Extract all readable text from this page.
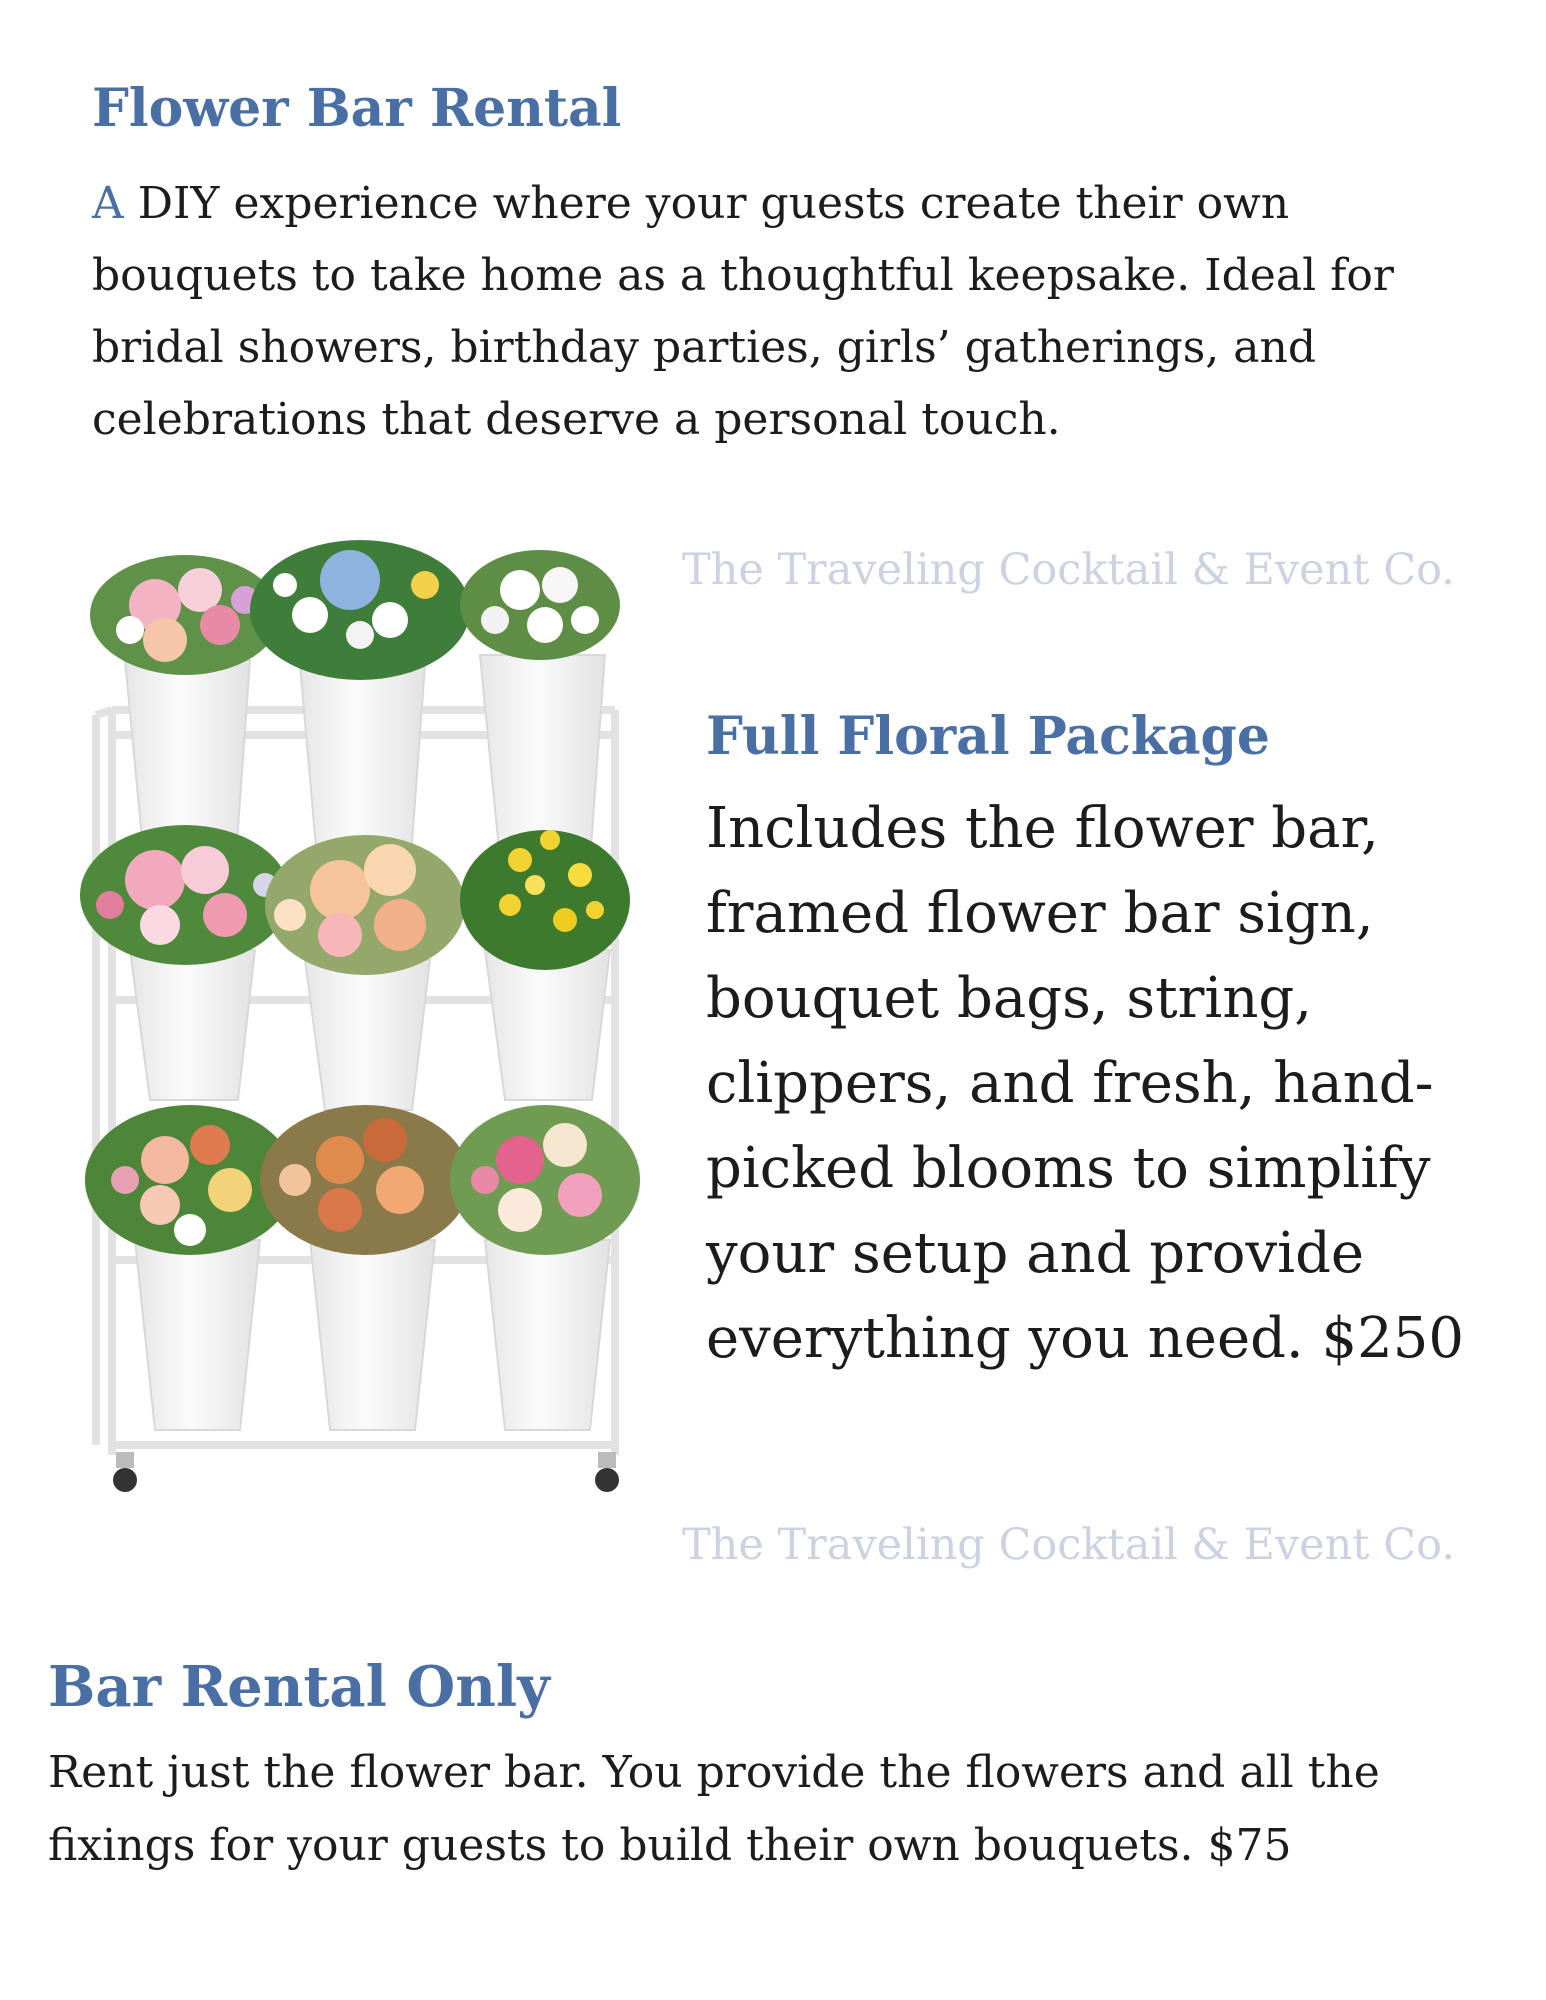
Flower Bar Rental

A DIY experience where your guests create their own bouquets to take home as a thoughtful keepsake. Ideal for bridal showers, birthday parties, girls’ gatherings, and celebrations that deserve a personal touch.

The Traveling Cocktail & Event Co.
Full Floral Package

Includes the flower bar, framed flower bar sign, bouquet bags, string, clippers, and fresh, hand-picked blooms to simplify your setup and provide everything you need. $250

The Traveling Cocktail & Event Co.
Bar Rental Only

Rent just the flower bar. You provide the flowers and all the fixings for your guests to build their own bouquets. $75
